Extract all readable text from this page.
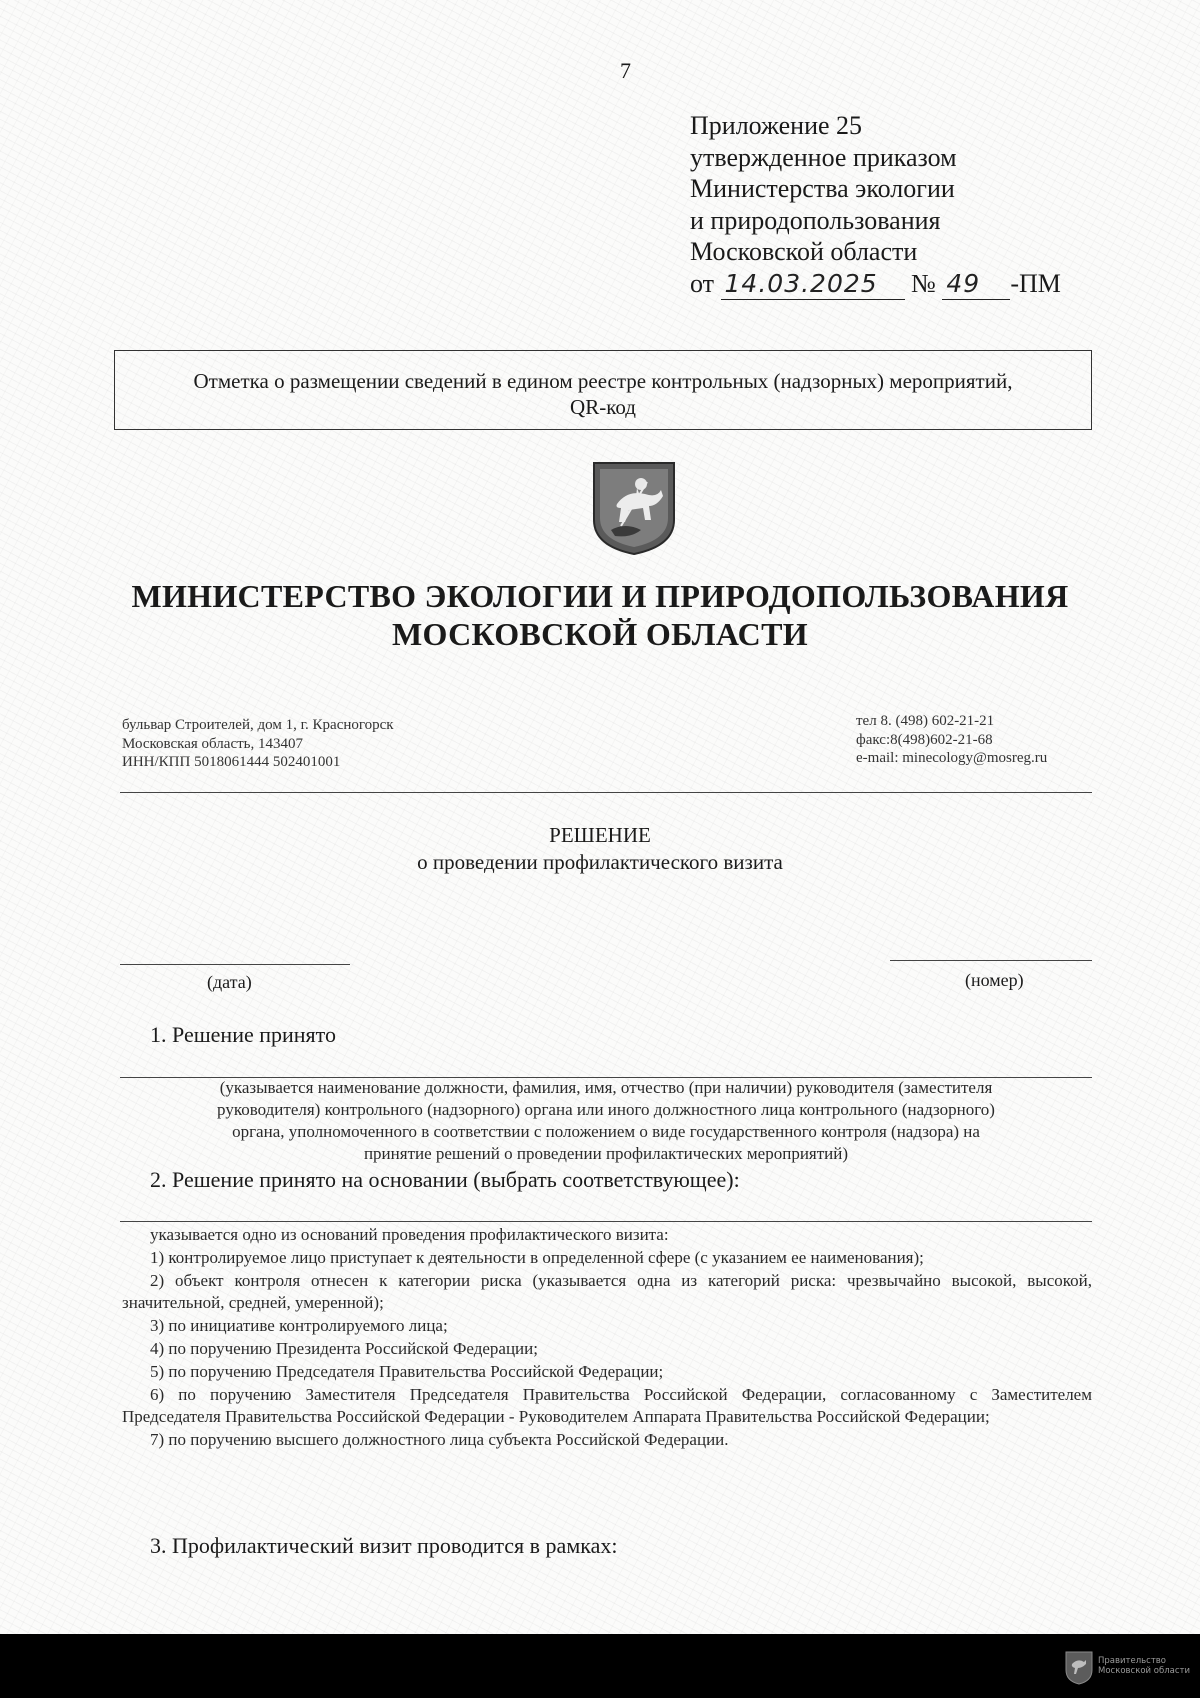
7
Приложение 25
утвержденное приказом
Министерства экологии
и природопользования
Московской области
от 14.03.2025 № 49 -ПМ
Отметка о размещении сведений в едином реестре контрольных (надзорных) мероприятий,
QR-код
МИНИСТЕРСТВО ЭКОЛОГИИ И ПРИРОДОПОЛЬЗОВАНИЯ
МОСКОВСКОЙ ОБЛАСТИ
бульвар Строителей, дом 1, г. Красногорск
Московская область, 143407
ИНН/КПП 5018061444 502401001
тел 8. (498) 602-21-21
факс:8(498)602-21-68
e-mail: minecology@mosreg.ru
РЕШЕНИЕ
о проведении профилактического визита
(дата)	(номер)
1. Решение принято
(указывается наименование должности, фамилия, имя, отчество (при наличии) руководителя (заместителя
руководителя) контрольного (надзорного) органа или иного должностного лица контрольного (надзорного)
органа, уполномоченного в соответствии с положением о виде государственного контроля (надзора) на
принятие решений о проведении профилактических мероприятий)
2. Решение принято на основании (выбрать соответствующее):

указывается одно из оснований проведения профилактического визита:

1) контролируемое лицо приступает к деятельности в определенной сфере (с указанием ее наименования);

2) объект контроля отнесен к категории риска (указывается одна из категорий риска: чрезвычайно высокой, высокой, значительной, средней, умеренной);

3) по инициативе контролируемого лица;

4) по поручению Президента Российской Федерации;

5) по поручению Председателя Правительства Российской Федерации;

6) по поручению Заместителя Председателя Правительства Российской Федерации, согласованному с Заместителем Председателя Правительства Российской Федерации - Руководителем Аппарата Правительства Российской Федерации;

7) по поручению высшего должностного лица субъекта Российской Федерации.

3. Профилактический визит проводится в рамках:
Правительство
Московской области
